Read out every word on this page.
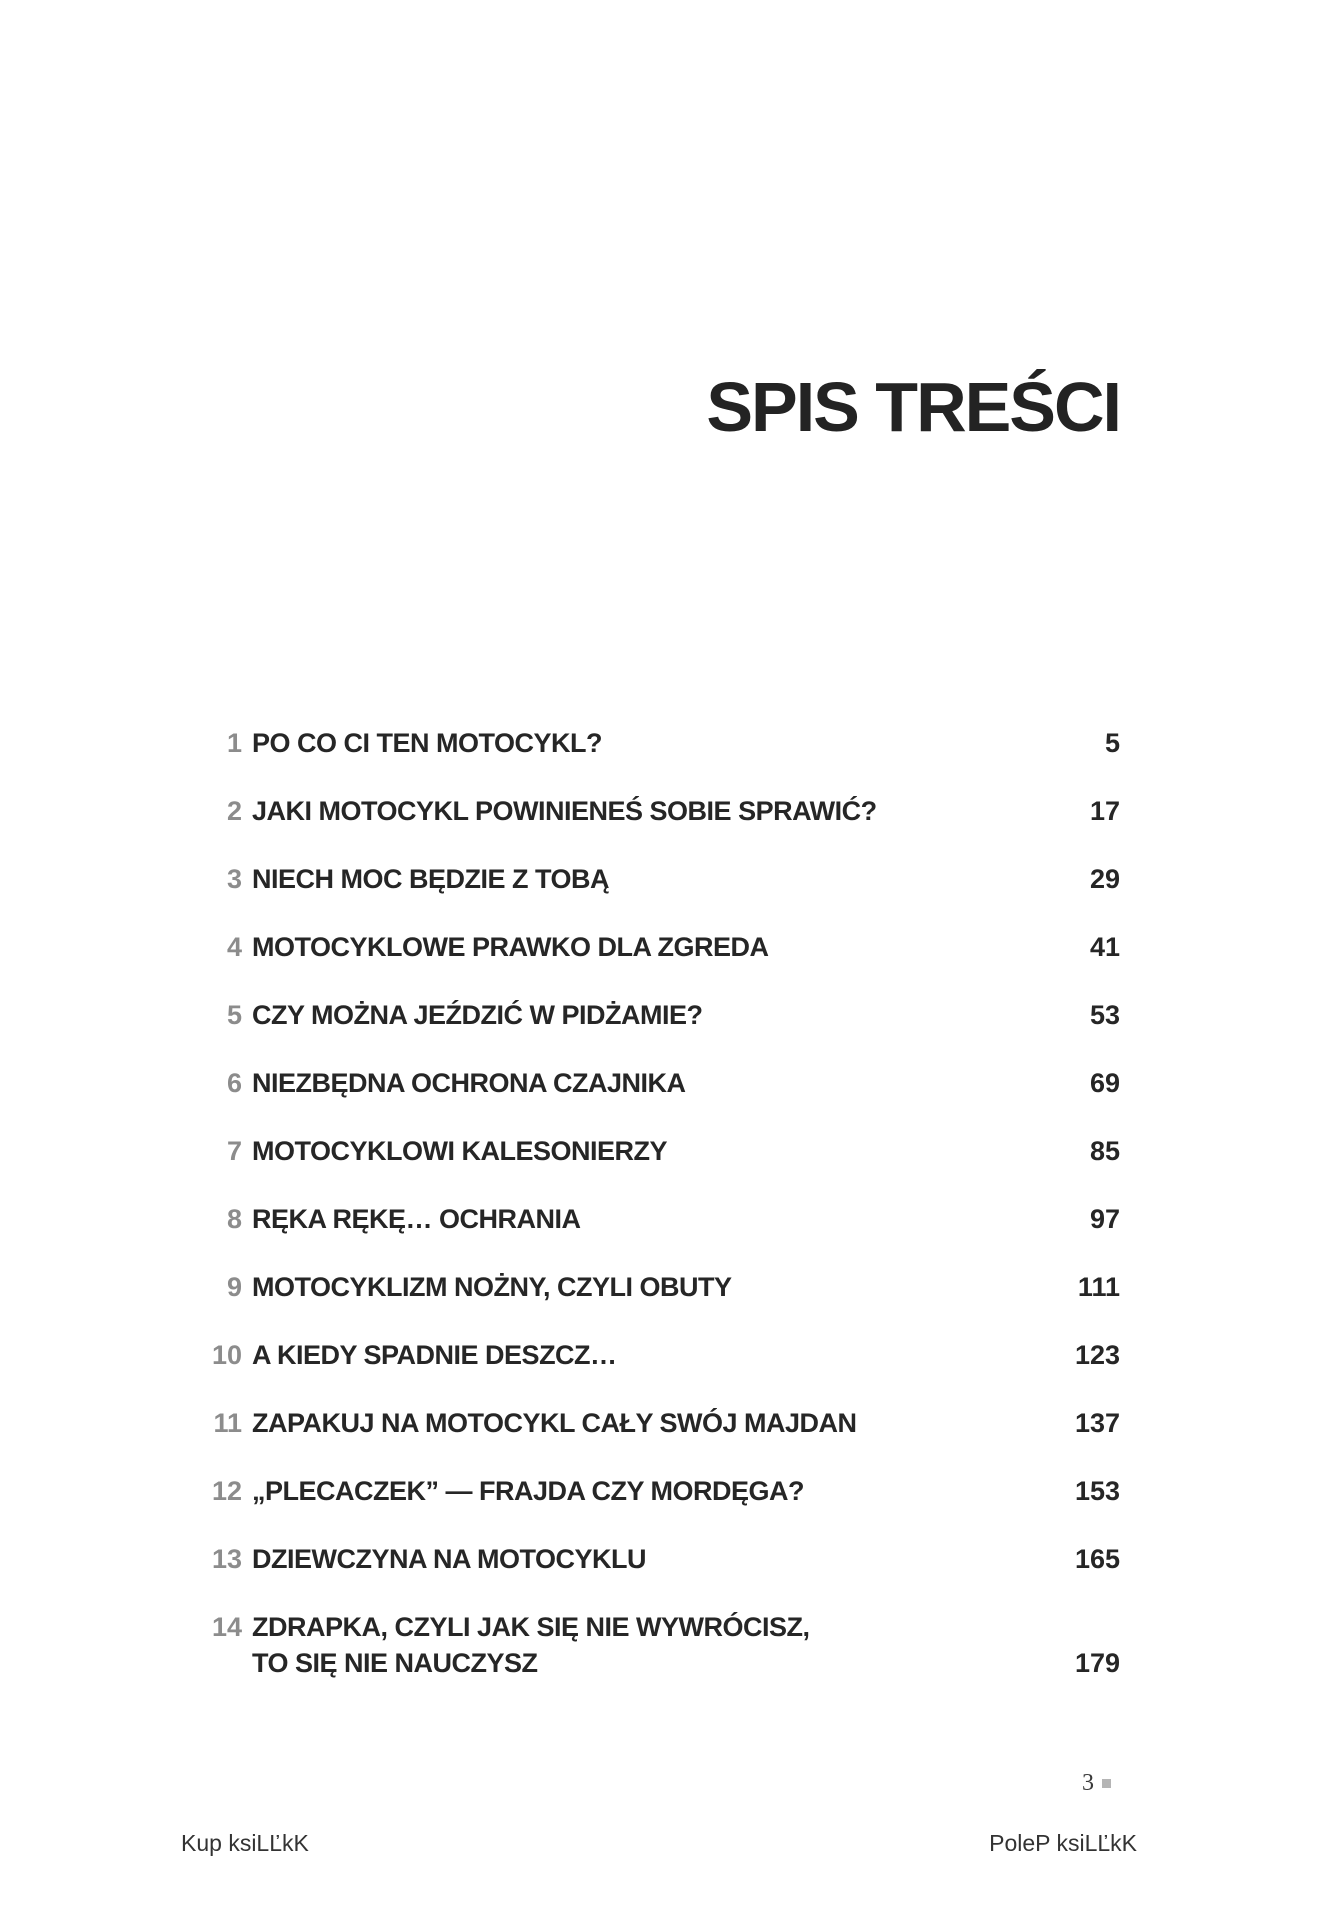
SPIS TREŚCI
1 PO CO CI TEN MOTOCYKL?	5
2 JAKI MOTOCYKL POWINIENEŚ SOBIE SPRAWIĆ?	17
3 NIECH MOC BĘDZIE Z TOBĄ	29
4 MOTOCYKLOWE PRAWKO DLA ZGREDA	41
5 CZY MOŻNA JEŹDZIĆ W PIDŻAMIE?	53
6 NIEZBĘDNA OCHRONA CZAJNIKA	69
7 MOTOCYKLOWI KALESONIERZY	85
8 RĘKA RĘKĘ… OCHRANIA	97
9 MOTOCYKLIZM NOŻNY, CZYLI OBUTY	111
10 A KIEDY SPADNIE DESZCZ…	123
11 ZAPAKUJ NA MOTOCYKL CAŁY SWÓJ MAJDAN	137
12 „PLECACZEK” — FRAJDA CZY MORDĘGA?	153
13 DZIEWCZYNA NA MOTOCYKLU	165
14 ZDRAPKA, CZYLI JAK SIĘ NIE WYWRÓCISZ,
TO SIĘ NIE NAUCZYSZ	179
3
Kup ksiLĽkK	PoleP ksiLĽkK
